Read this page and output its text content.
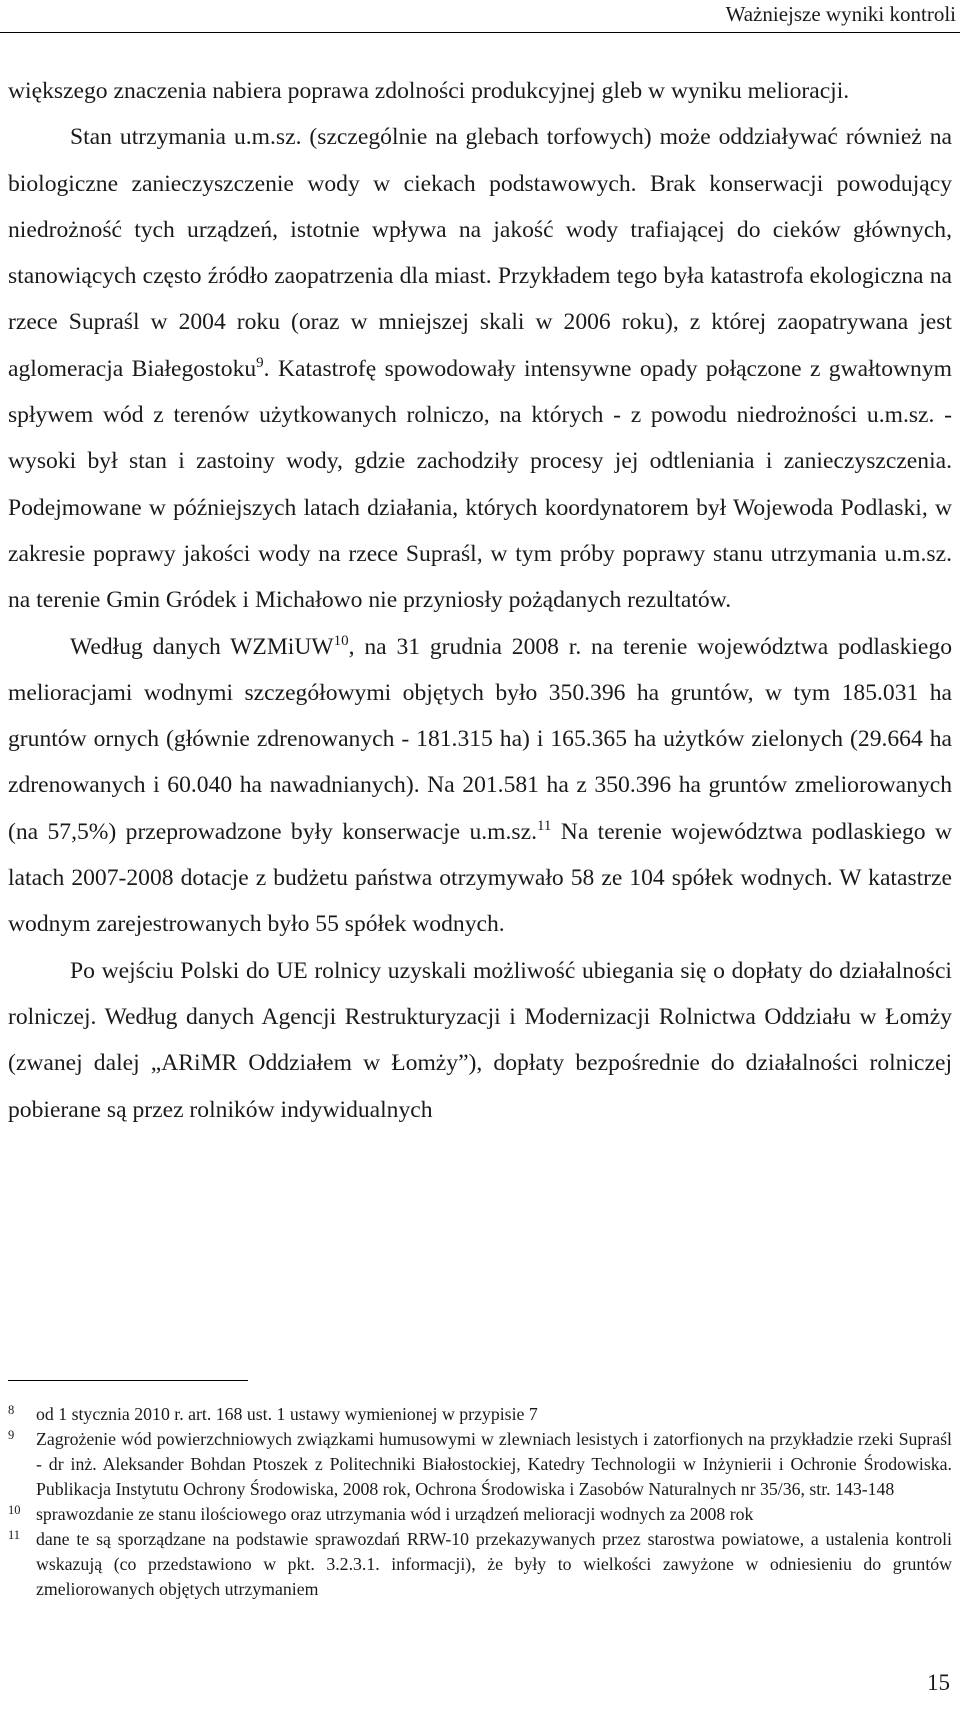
Ważniejsze wyniki kontroli

większego znaczenia nabiera poprawa zdolności produkcyjnej gleb w wyniku melioracji.

Stan utrzymania u.m.sz. (szczególnie na glebach torfowych) może oddziaływać również na biologiczne zanieczyszczenie wody w ciekach podstawowych. Brak konserwacji powodujący niedrożność tych urządzeń, istotnie wpływa na jakość wody trafiającej do cieków głównych, stanowiących często źródło zaopatrzenia dla miast. Przykładem tego była katastrofa ekologiczna na rzece Supraśl w 2004 roku (oraz w mniejszej skali w 2006 roku), z której zaopatrywana jest aglomeracja Białegostoku$^9$. Katastrofę spowodowały intensywne opady połączone z gwałtownym spływem wód z terenów użytkowanych rolniczo, na których - z powodu niedrożności u.m.sz. - wysoki był stan i zastoiny wody, gdzie zachodziły procesy jej odtleniania i zanieczyszczenia. Podejmowane w późniejszych latach działania, których koordynatorem był Wojewoda Podlaski, w zakresie poprawy jakości wody na rzece Supraśl, w tym próby poprawy stanu utrzymania u.m.sz. na terenie Gmin Gródek i Michałowo nie przyniosły pożądanych rezultatów.

Według danych WZMiUW$^{10}$, na 31 grudnia 2008 r. na terenie województwa podlaskiego melioracjami wodnymi szczegółowymi objętych było 350.396 ha gruntów, w tym 185.031 ha gruntów ornych (głównie zdrenowanych - 181.315 ha) i 165.365 ha użytków zielonych (29.664 ha zdrenowanych i 60.040 ha nawadnianych). Na 201.581 ha z 350.396 ha gruntów zmeliorowanych (na 57,5%) przeprowadzone były konserwacje u.m.sz.$^{11}$ Na terenie województwa podlaskiego w latach 2007-2008 dotacje z budżetu państwa otrzymywało 58 ze 104 spółek wodnych. W katastrze wodnym zarejestrowanych było 55 spółek wodnych.

Po wejściu Polski do UE rolnicy uzyskali możliwość ubiegania się o dopłaty do działalności rolniczej. Według danych Agencji Restrukturyzacji i Modernizacji Rolnictwa Oddziału w Łomży (zwanej dalej „ARiMR Oddziałem w Łomży”), dopłaty bezpośrednie do działalności rolniczej pobierane są przez rolników indywidualnych

8 od 1 stycznia 2010 r. art. 168 ust. 1 ustawy wymienionej w przypisie 7
9 Zagrożenie wód powierzchniowych związkami humusowymi w zlewniach lesistych i zatorfionych na przykładzie rzeki Supraśl - dr inż. Aleksander Bohdan Ptoszek z Politechniki Białostockiej, Katedry Technologii w Inżynierii i Ochronie Środowiska. Publikacja Instytutu Ochrony Środowiska, 2008 rok, Ochrona Środowiska i Zasobów Naturalnych nr 35/36, str. 143-148
10 sprawozdanie ze stanu ilościowego oraz utrzymania wód i urządzeń melioracji wodnych za 2008 rok
11 dane te są sporządzane na podstawie sprawozdań RRW-10 przekazywanych przez starostwa powiatowe, a ustalenia kontroli wskazują (co przedstawiono w pkt. 3.2.3.1. informacji), że były to wielkości zawyżone w odniesieniu do gruntów zmeliorowanych objętych utrzymaniem
15
